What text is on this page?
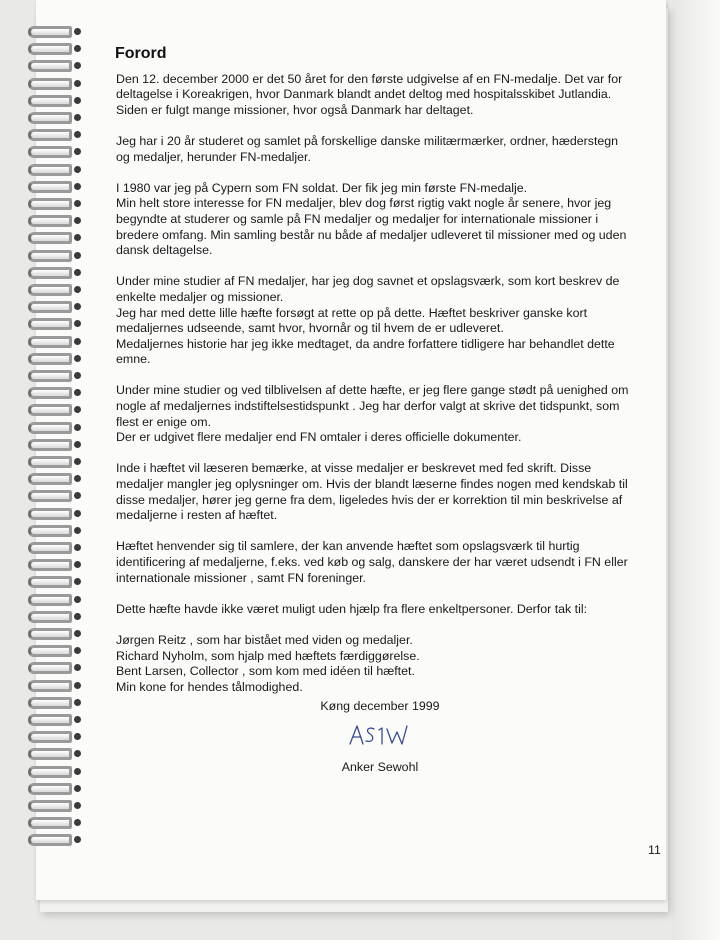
Forord

Den 12. december 2000 er det 50 året for den første udgivelse af en FN-medalje. Det var for
deltagelse i Koreakrigen, hvor Danmark blandt andet deltog med hospitalsskibet Jutlandia.
Siden er fulgt mange missioner, hvor også Danmark har deltaget.

Jeg har i 20 år studeret og samlet på forskellige danske militærmærker, ordner, hæderstegn
og medaljer, herunder FN-medaljer.

I 1980 var jeg på Cypern som FN soldat. Der fik jeg min første FN-medalje.
Min helt store interesse for FN medaljer, blev dog først rigtig vakt nogle år senere, hvor jeg
begyndte at studerer og samle på FN medaljer og medaljer for internationale missioner i
bredere omfang. Min samling består nu både af medaljer udleveret til missioner med og uden
dansk deltagelse.

Under mine studier af FN medaljer, har jeg dog savnet et opslagsværk, som kort beskrev de
enkelte medaljer og missioner.
Jeg har med dette lille hæfte forsøgt at rette op på dette. Hæftet beskriver ganske kort
medaljernes udseende, samt hvor, hvornår og til hvem de er udleveret.
Medaljernes historie har jeg ikke medtaget, da andre forfattere tidligere har behandlet dette
emne.

Under mine studier og ved tilblivelsen af dette hæfte, er jeg flere gange stødt på uenighed om
nogle af medaljernes indstiftelsestidspunkt . Jeg har derfor valgt at skrive det tidspunkt, som
flest er enige om.
Der er udgivet flere medaljer end FN omtaler i deres officielle dokumenter.

Inde i hæftet vil læseren bemærke, at visse medaljer er beskrevet med fed skrift. Disse
medaljer mangler jeg oplysninger om. Hvis der blandt læserne findes nogen med kendskab til
disse medaljer, hører jeg gerne fra dem, ligeledes hvis der er korrektion til min beskrivelse af
medaljerne i resten af hæftet.

Hæftet henvender sig til samlere, der kan anvende hæftet som opslagsværk til hurtig
identificering af medaljerne, f.eks. ved køb og salg, danskere der har været udsendt i FN eller
internationale missioner , samt FN foreninger.

Dette hæfte havde ikke været muligt uden hjælp fra flere enkeltpersoner. Derfor tak til:

Jørgen Reitz , som har bistået med viden og medaljer.
Richard Nyholm, som hjalp med hæftets færdiggørelse.
Bent Larsen, Collector , som kom med idéen til hæftet.
Min kone for hendes tålmodighed.

Køng december 1999
Anker Sewohl
11
